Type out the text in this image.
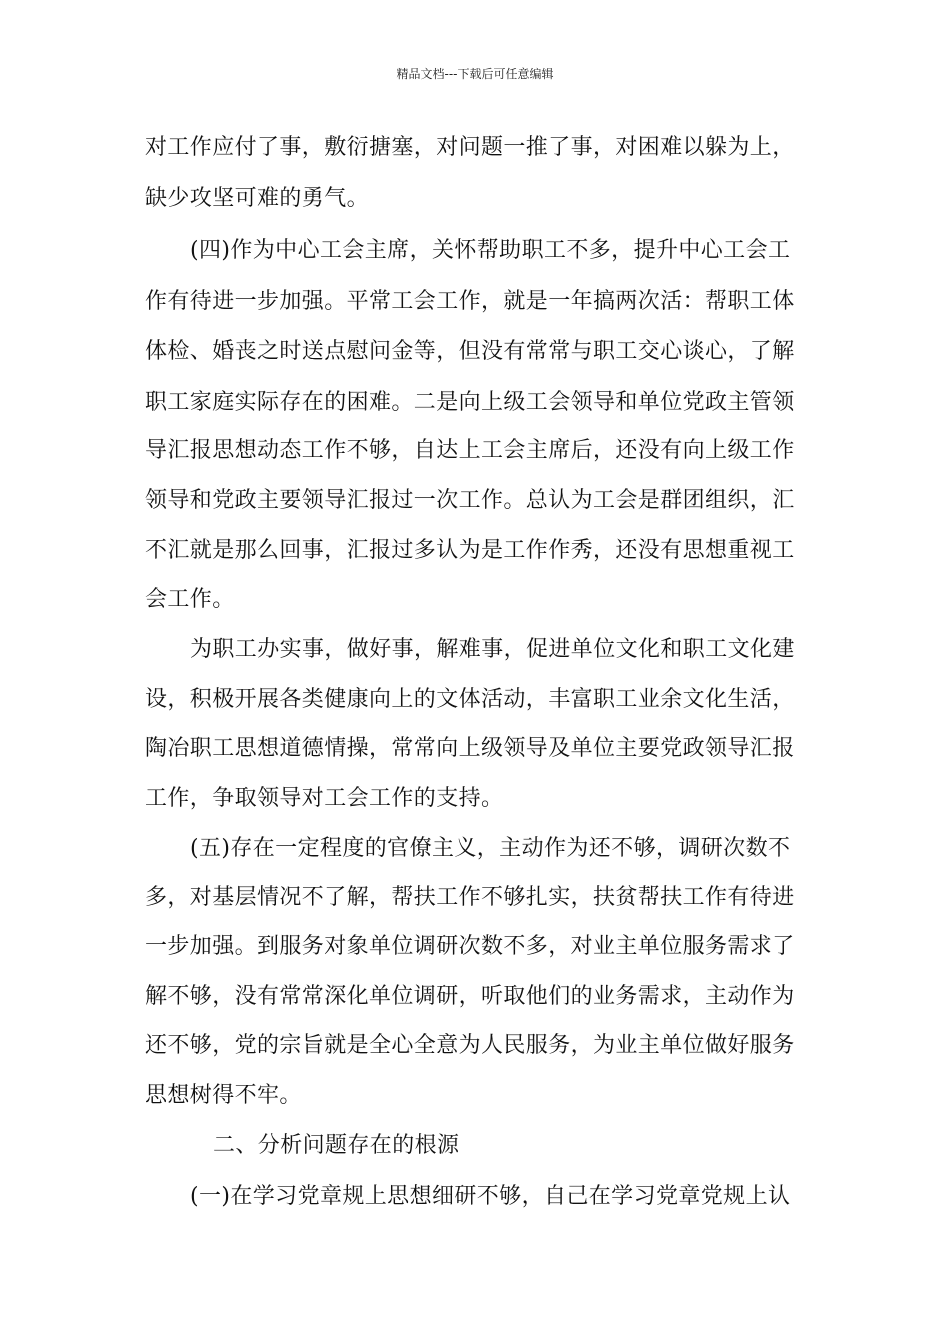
精品文档---下载后可任意编辑
对工作应付了事，敷衍搪塞，对问题一推了事，对困难以躲为上，
缺少攻坚可难的勇气。
(四)作为中心工会主席，关怀帮助职工不多，提升中心工会工
作有待进一步加强。平常工会工作，就是一年搞两次活：帮职工体
体检、婚丧之时送点慰问金等，但没有常常与职工交心谈心，了解
职工家庭实际存在的困难。二是向上级工会领导和单位党政主管领
导汇报思想动态工作不够，自达上工会主席后，还没有向上级工作
领导和党政主要领导汇报过一次工作。总认为工会是群团组织，汇
不汇就是那么回事，汇报过多认为是工作作秀，还没有思想重视工
会工作。
为职工办实事，做好事，解难事，促进单位文化和职工文化建
设，积极开展各类健康向上的文体活动，丰富职工业余文化生活，
陶冶职工思想道德情操，常常向上级领导及单位主要党政领导汇报
工作，争取领导对工会工作的支持。
(五)存在一定程度的官僚主义，主动作为还不够，调研次数不
多，对基层情况不了解，帮扶工作不够扎实，扶贫帮扶工作有待进
一步加强。到服务对象单位调研次数不多，对业主单位服务需求了
解不够，没有常常深化单位调研，听取他们的业务需求，主动作为
还不够，党的宗旨就是全心全意为人民服务，为业主单位做好服务
思想树得不牢。
二、分析问题存在的根源
(一)在学习党章规上思想细研不够，自己在学习党章党规上认
